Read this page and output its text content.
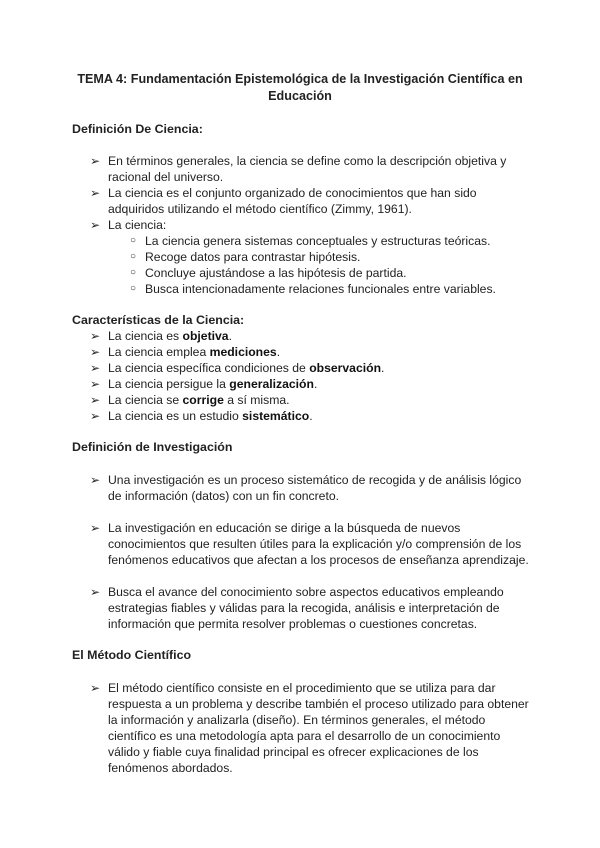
TEMA 4: Fundamentación Epistemológica de la Investigación Científica en
Educación
Definición De Ciencia:
➢ En términos generales, la ciencia se define como la descripción objetiva y
racional del universo.
➢ La ciencia es el conjunto organizado de conocimientos que han sido
adquiridos utilizando el método científico (Zimmy, 1961).
➢ La ciencia:
○ La ciencia genera sistemas conceptuales y estructuras teóricas.
○ Recoge datos para contrastar hipótesis.
○ Concluye ajustándose a las hipótesis de partida.
○ Busca intencionadamente relaciones funcionales entre variables.
Características de la Ciencia:
➢ La ciencia es objetiva.
➢ La ciencia emplea mediciones.
➢ La ciencia específica condiciones de observación.
➢ La ciencia persigue la generalización.
➢ La ciencia se corrige a sí misma.
➢ La ciencia es un estudio sistemático.
Definición de Investigación
➢ Una investigación es un proceso sistemático de recogida y de análisis lógico
de información (datos) con un fin concreto.
➢ La investigación en educación se dirige a la búsqueda de nuevos
conocimientos que resulten útiles para la explicación y/o comprensión de los
fenómenos educativos que afectan a los procesos de enseñanza aprendizaje.
➢ Busca el avance del conocimiento sobre aspectos educativos empleando
estrategias fiables y válidas para la recogida, análisis e interpretación de
información que permita resolver problemas o cuestiones concretas.
El Método Científico
➢ El método científico consiste en el procedimiento que se utiliza para dar
respuesta a un problema y describe también el proceso utilizado para obtener
la información y analizarla (diseño). En términos generales, el método
científico es una metodología apta para el desarrollo de un conocimiento
válido y fiable cuya finalidad principal es ofrecer explicaciones de los
fenómenos abordados.
